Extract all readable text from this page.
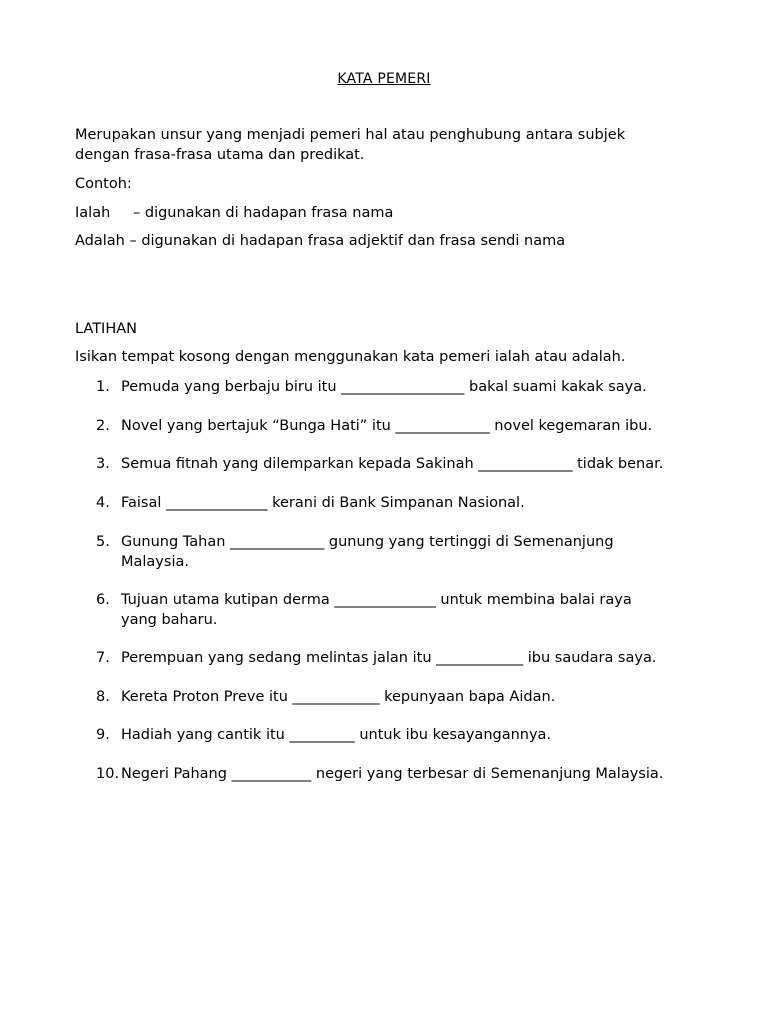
KATA PEMERI
Merupakan unsur yang menjadi pemeri hal atau penghubung antara subjek
dengan frasa-frasa utama dan predikat.
Contoh:
Ialah – digunakan di hadapan frasa nama
Adalah – digunakan di hadapan frasa adjektif dan frasa sendi nama
LATIHAN
Isikan tempat kosong dengan menggunakan kata pemeri ialah atau adalah.
1. Pemuda yang berbaju biru itu _________________ bakal suami kakak saya.
2. Novel yang bertajuk “Bunga Hati” itu _____________ novel kegemaran ibu.
3. Semua fitnah yang dilemparkan kepada Sakinah _____________ tidak benar.
4. Faisal ______________ kerani di Bank Simpanan Nasional.
5. Gunung Tahan _____________ gunung yang tertinggi di Semenanjung
Malaysia.
6. Tujuan utama kutipan derma ______________ untuk membina balai raya
yang baharu.
7. Perempuan yang sedang melintas jalan itu ____________ ibu saudara saya.
8. Kereta Proton Preve itu ____________ kepunyaan bapa Aidan.
9. Hadiah yang cantik itu _________ untuk ibu kesayangannya.
10. Negeri Pahang ___________ negeri yang terbesar di Semenanjung Malaysia.
